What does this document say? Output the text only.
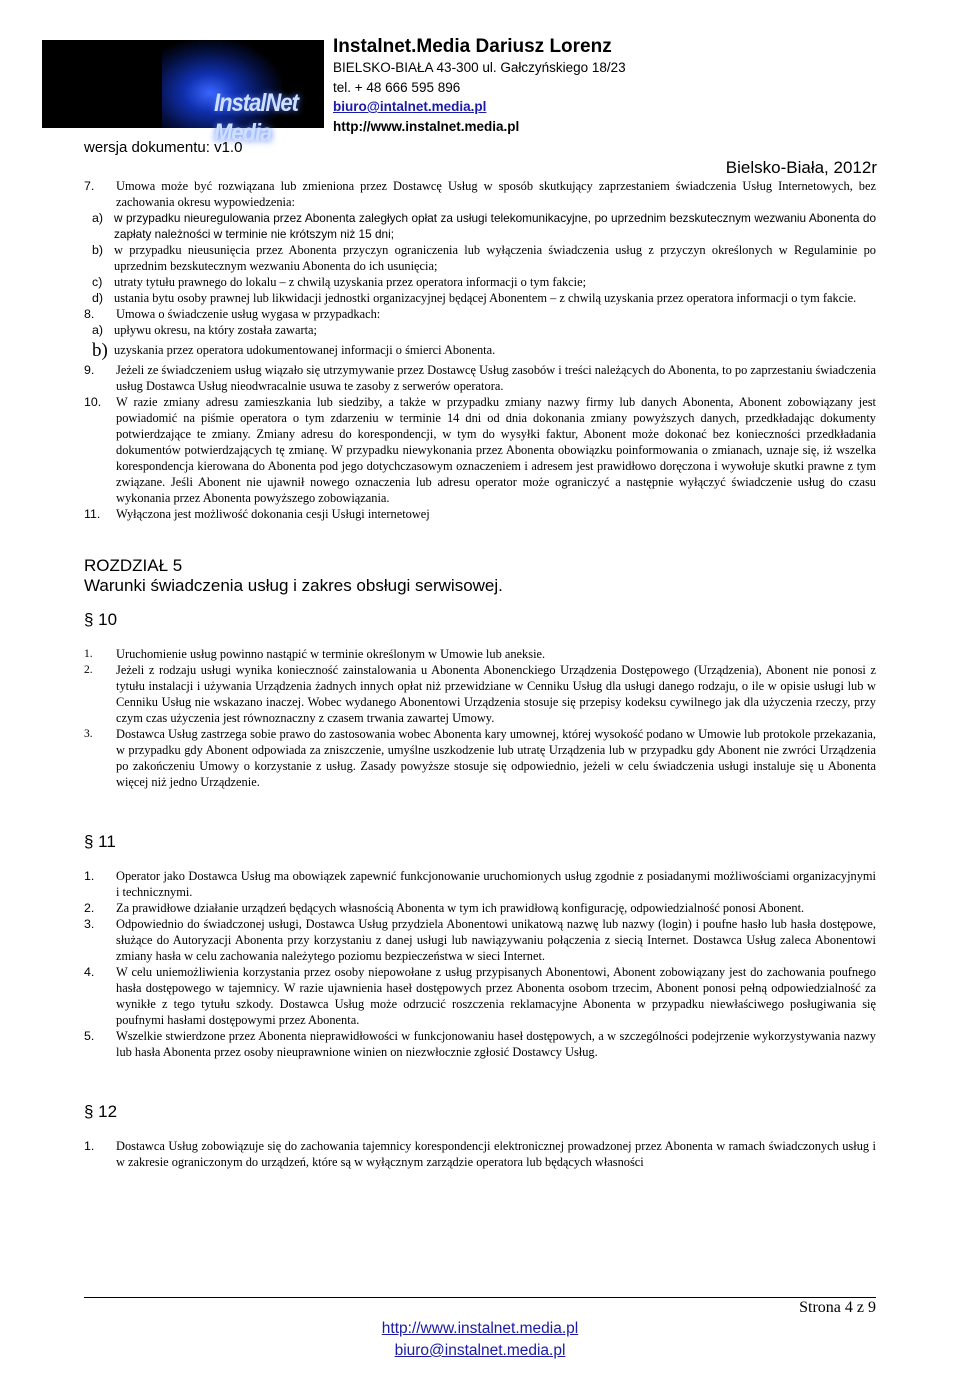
InstalNet Media
Instalnet.Media Dariusz Lorenz
BIELSKO-BIAŁA 43-300 ul. Gałczyńskiego 18/23
tel. + 48 666 595 896
biuro@intalnet.media.pl
http://www.instalnet.media.pl
wersja dokumentu: v1.0
Bielsko-Biała, 2012r
7.	Umowa może być rozwiązana lub zmieniona przez Dostawcę Usług w sposób skutkujący zaprzestaniem świadczenia Usług Internetowych, bez zachowania okresu wypowiedzenia:
a) w przypadku nieuregulowania przez Abonenta zaległych opłat za usługi telekomunikacyjne, po uprzednim bezskutecznym wezwaniu Abonenta do zapłaty należności w terminie nie krótszym niż 15 dni;
b) w przypadku nieusunięcia przez Abonenta przyczyn ograniczenia lub wyłączenia świadczenia usług z przyczyn określonych w Regulaminie po uprzednim bezskutecznym wezwaniu Abonenta do ich usunięcia;
c) utraty tytułu prawnego do lokalu – z chwilą uzyskania przez operatora informacji o tym fakcie;
d) ustania bytu osoby prawnej lub likwidacji jednostki organizacyjnej będącej Abonentem – z chwilą uzyskania przez operatora informacji o tym fakcie.
8.	Umowa o świadczenie usług wygasa w przypadkach:
a) upływu okresu, na który została zawarta;
b) uzyskania przez operatora udokumentowanej informacji o śmierci Abonenta.
9.	Jeżeli ze świadczeniem usług wiązało się utrzymywanie przez Dostawcę Usług zasobów i treści należących do Abonenta, to po zaprzestaniu świadczenia usług Dostawca Usług nieodwracalnie usuwa te zasoby z serwerów operatora.
10.	W razie zmiany adresu zamieszkania lub siedziby, a także w przypadku zmiany nazwy firmy lub danych Abonenta, Abonent zobowiązany jest powiadomić na piśmie operatora o tym zdarzeniu w terminie 14 dni od dnia dokonania zmiany powyższych danych, przedkładając dokumenty potwierdzające te zmiany. Zmiany adresu do korespondencji, w tym do wysyłki faktur, Abonent może dokonać bez konieczności przedkładania dokumentów potwierdzających tę zmianę. W przypadku niewykonania przez Abonenta obowiązku poinformowania o zmianach, uznaje się, iż wszelka korespondencja kierowana do Abonenta pod jego dotychczasowym oznaczeniem i adresem jest prawidłowo doręczona i wywołuje skutki prawne z tym związane. Jeśli Abonent nie ujawnił nowego oznaczenia lub adresu operator może ograniczyć a następnie wyłączyć świadczenie usług do czasu wykonania przez Abonenta powyższego zobowiązania.
11.	Wyłączona jest możliwość dokonania cesji Usługi internetowej
ROZDZIAŁ 5
Warunki świadczenia usług i zakres obsługi serwisowej.
§ 10
1.	Uruchomienie usług powinno nastąpić w terminie określonym w Umowie lub aneksie.
2.	Jeżeli z rodzaju usługi wynika konieczność zainstalowania u Abonenta Abonenckiego Urządzenia Dostępowego (Urządzenia), Abonent nie ponosi z tytułu instalacji i używania Urządzenia żadnych innych opłat niż przewidziane w Cenniku Usług dla usługi danego rodzaju, o ile w opisie usługi lub w Cenniku Usług nie wskazano inaczej. Wobec wydanego Abonentowi Urządzenia stosuje się przepisy kodeksu cywilnego jak dla użyczenia rzeczy, przy czym czas użyczenia jest równoznaczny z czasem trwania zawartej Umowy.
3.	Dostawca Usług zastrzega sobie prawo do zastosowania wobec Abonenta kary umownej, której wysokość podano w Umowie lub protokole przekazania, w przypadku gdy Abonent odpowiada za zniszczenie, umyślne uszkodzenie lub utratę Urządzenia lub w przypadku gdy Abonent nie zwróci Urządzenia po zakończeniu Umowy o korzystanie z usług. Zasady powyższe stosuje się odpowiednio, jeżeli w celu świadczenia usługi instaluje się u Abonenta więcej niż jedno Urządzenie.
§ 11
1.	Operator jako Dostawca Usług ma obowiązek zapewnić funkcjonowanie uruchomionych usług zgodnie z posiadanymi możliwościami organizacyjnymi i technicznymi.
2.	Za prawidłowe działanie urządzeń będących własnością Abonenta w tym ich prawidłową konfigurację, odpowiedzialność ponosi Abonent.
3.	Odpowiednio do świadczonej usługi, Dostawca Usług przydziela Abonentowi unikatową nazwę lub nazwy (login) i poufne hasło lub hasła dostępowe, służące do Autoryzacji Abonenta przy korzystaniu z danej usługi lub nawiązywaniu połączenia z siecią Internet. Dostawca Usług zaleca Abonentowi zmiany hasła w celu zachowania należytego poziomu bezpieczeństwa w sieci Internet.
4.	W celu uniemożliwienia korzystania przez osoby niepowołane z usług przypisanych Abonentowi, Abonent zobowiązany jest do zachowania poufnego hasła dostępowego w tajemnicy. W razie ujawnienia haseł dostępowych przez Abonenta osobom trzecim, Abonent ponosi pełną odpowiedzialność za wynikłe z tego tytułu szkody. Dostawca Usług może odrzucić roszczenia reklamacyjne Abonenta w przypadku niewłaściwego posługiwania się poufnymi hasłami dostępowymi przez Abonenta.
5.	Wszelkie stwierdzone przez Abonenta nieprawidłowości w funkcjonowaniu haseł dostępowych, a w szczególności podejrzenie wykorzystywania nazwy lub hasła Abonenta przez osoby nieuprawnione winien on niezwłocznie zgłosić Dostawcy Usług.
§ 12
1.	Dostawca Usług zobowiązuje się do zachowania tajemnicy korespondencji elektronicznej prowadzonej przez Abonenta w ramach świadczonych usług i w zakresie ograniczonym do urządzeń, które są w wyłącznym zarządzie operatora lub będących własności
Strona 4 z 9
http://www.instalnet.media.pl
biuro@instalnet.media.pl
